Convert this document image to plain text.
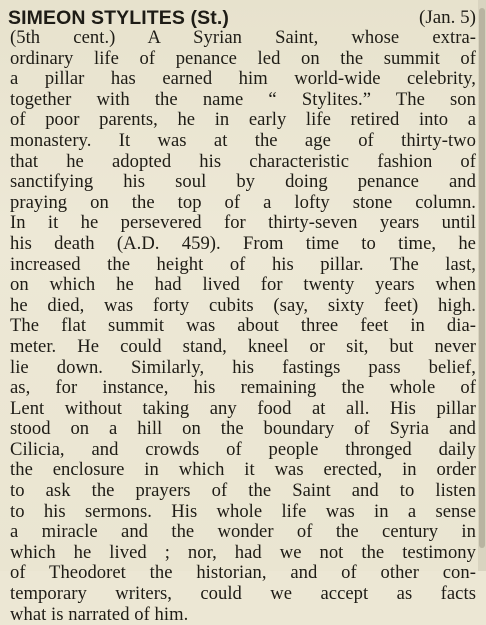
SIMEON STYLITES (St.)	(Jan. 5)
(5th cent.) A Syrian Saint, whose extra-
ordinary life of penance led on the summit of
a pillar has earned him world-wide celebrity,
together with the name “ Stylites.” The son
of poor parents, he in early life retired into a
monastery. It was at the age of thirty-two
that he adopted his characteristic fashion of
sanctifying his soul by doing penance and
praying on the top of a lofty stone column.
In it he persevered for thirty-seven years until
his death (A.D. 459). From time to time, he
increased the height of his pillar. The last,
on which he had lived for twenty years when
he died, was forty cubits (say, sixty feet) high.
The flat summit was about three feet in dia-
meter. He could stand, kneel or sit, but never
lie down. Similarly, his fastings pass belief,
as, for instance, his remaining the whole of
Lent without taking any food at all. His pillar
stood on a hill on the boundary of Syria and
Cilicia, and crowds of people thronged daily
the enclosure in which it was erected, in order
to ask the prayers of the Saint and to listen
to his sermons. His whole life was in a sense
a miracle and the wonder of the century in
which he lived ; nor, had we not the testimony
of Theodoret the historian, and of other con-
temporary writers, could we accept as facts
what is narrated of him.
